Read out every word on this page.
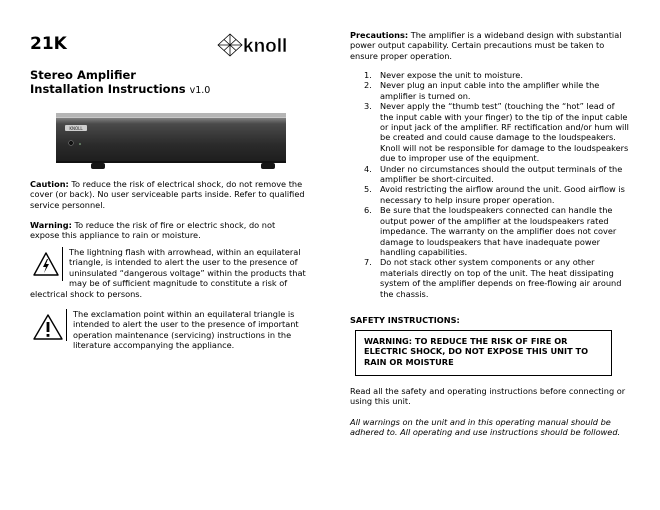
21K	knoll
Stereo Amplifier
Installation Instructions v1.0
KNOLL
Caution: To reduce the risk of electrical shock, do not remove the cover (or back). No user serviceable parts inside. Refer to qualified service personnel.
Warning: To reduce the risk of fire or electric shock, do not expose this appliance to rain or moisture.
The lightning flash with arrowhead, within an equilateral triangle, is intended to alert the user to the presence of uninsulated “dangerous voltage” within the products that may be of sufficient magnitude to constitute a risk of electrical shock to persons.
The exclamation point within an equilateral triangle is intended to alert the user to the presence of important operation maintenance (servicing) instructions in the literature accompanying the appliance.
Precautions: The amplifier is a wideband design with substantial power output capability. Certain precautions must be taken to ensure proper operation.
1. Never expose the unit to moisture.
2. Never plug an input cable into the amplifier while the amplifier is turned on.
3. Never apply the “thumb test” (touching the “hot” lead of the input cable with your finger) to the tip of the input cable or input jack of the amplifier. RF rectification and/or hum will be created and could cause damage to the loudspeakers. Knoll will not be responsible for damage to the loudspeakers due to improper use of the equipment.
4. Under no circumstances should the output terminals of the amplifier be short-circuited.
5. Avoid restricting the airflow around the unit. Good airflow is necessary to help insure proper operation.
6. Be sure that the loudspeakers connected can handle the output power of the amplifier at the loudspeakers rated impedance. The warranty on the amplifier does not cover damage to loudspeakers that have inadequate power handling capabilities.
7. Do not stack other system components or any other materials directly on top of the unit. The heat dissipating system of the amplifier depends on free-flowing air around the chassis.
SAFETY INSTRUCTIONS:
WARNING: TO REDUCE THE RISK OF FIRE OR ELECTRIC SHOCK, DO NOT EXPOSE THIS UNIT TO RAIN OR MOISTURE
Read all the safety and operating instructions before connecting or using this unit.
All warnings on the unit and in this operating manual should be adhered to. All operating and use instructions should be followed.
